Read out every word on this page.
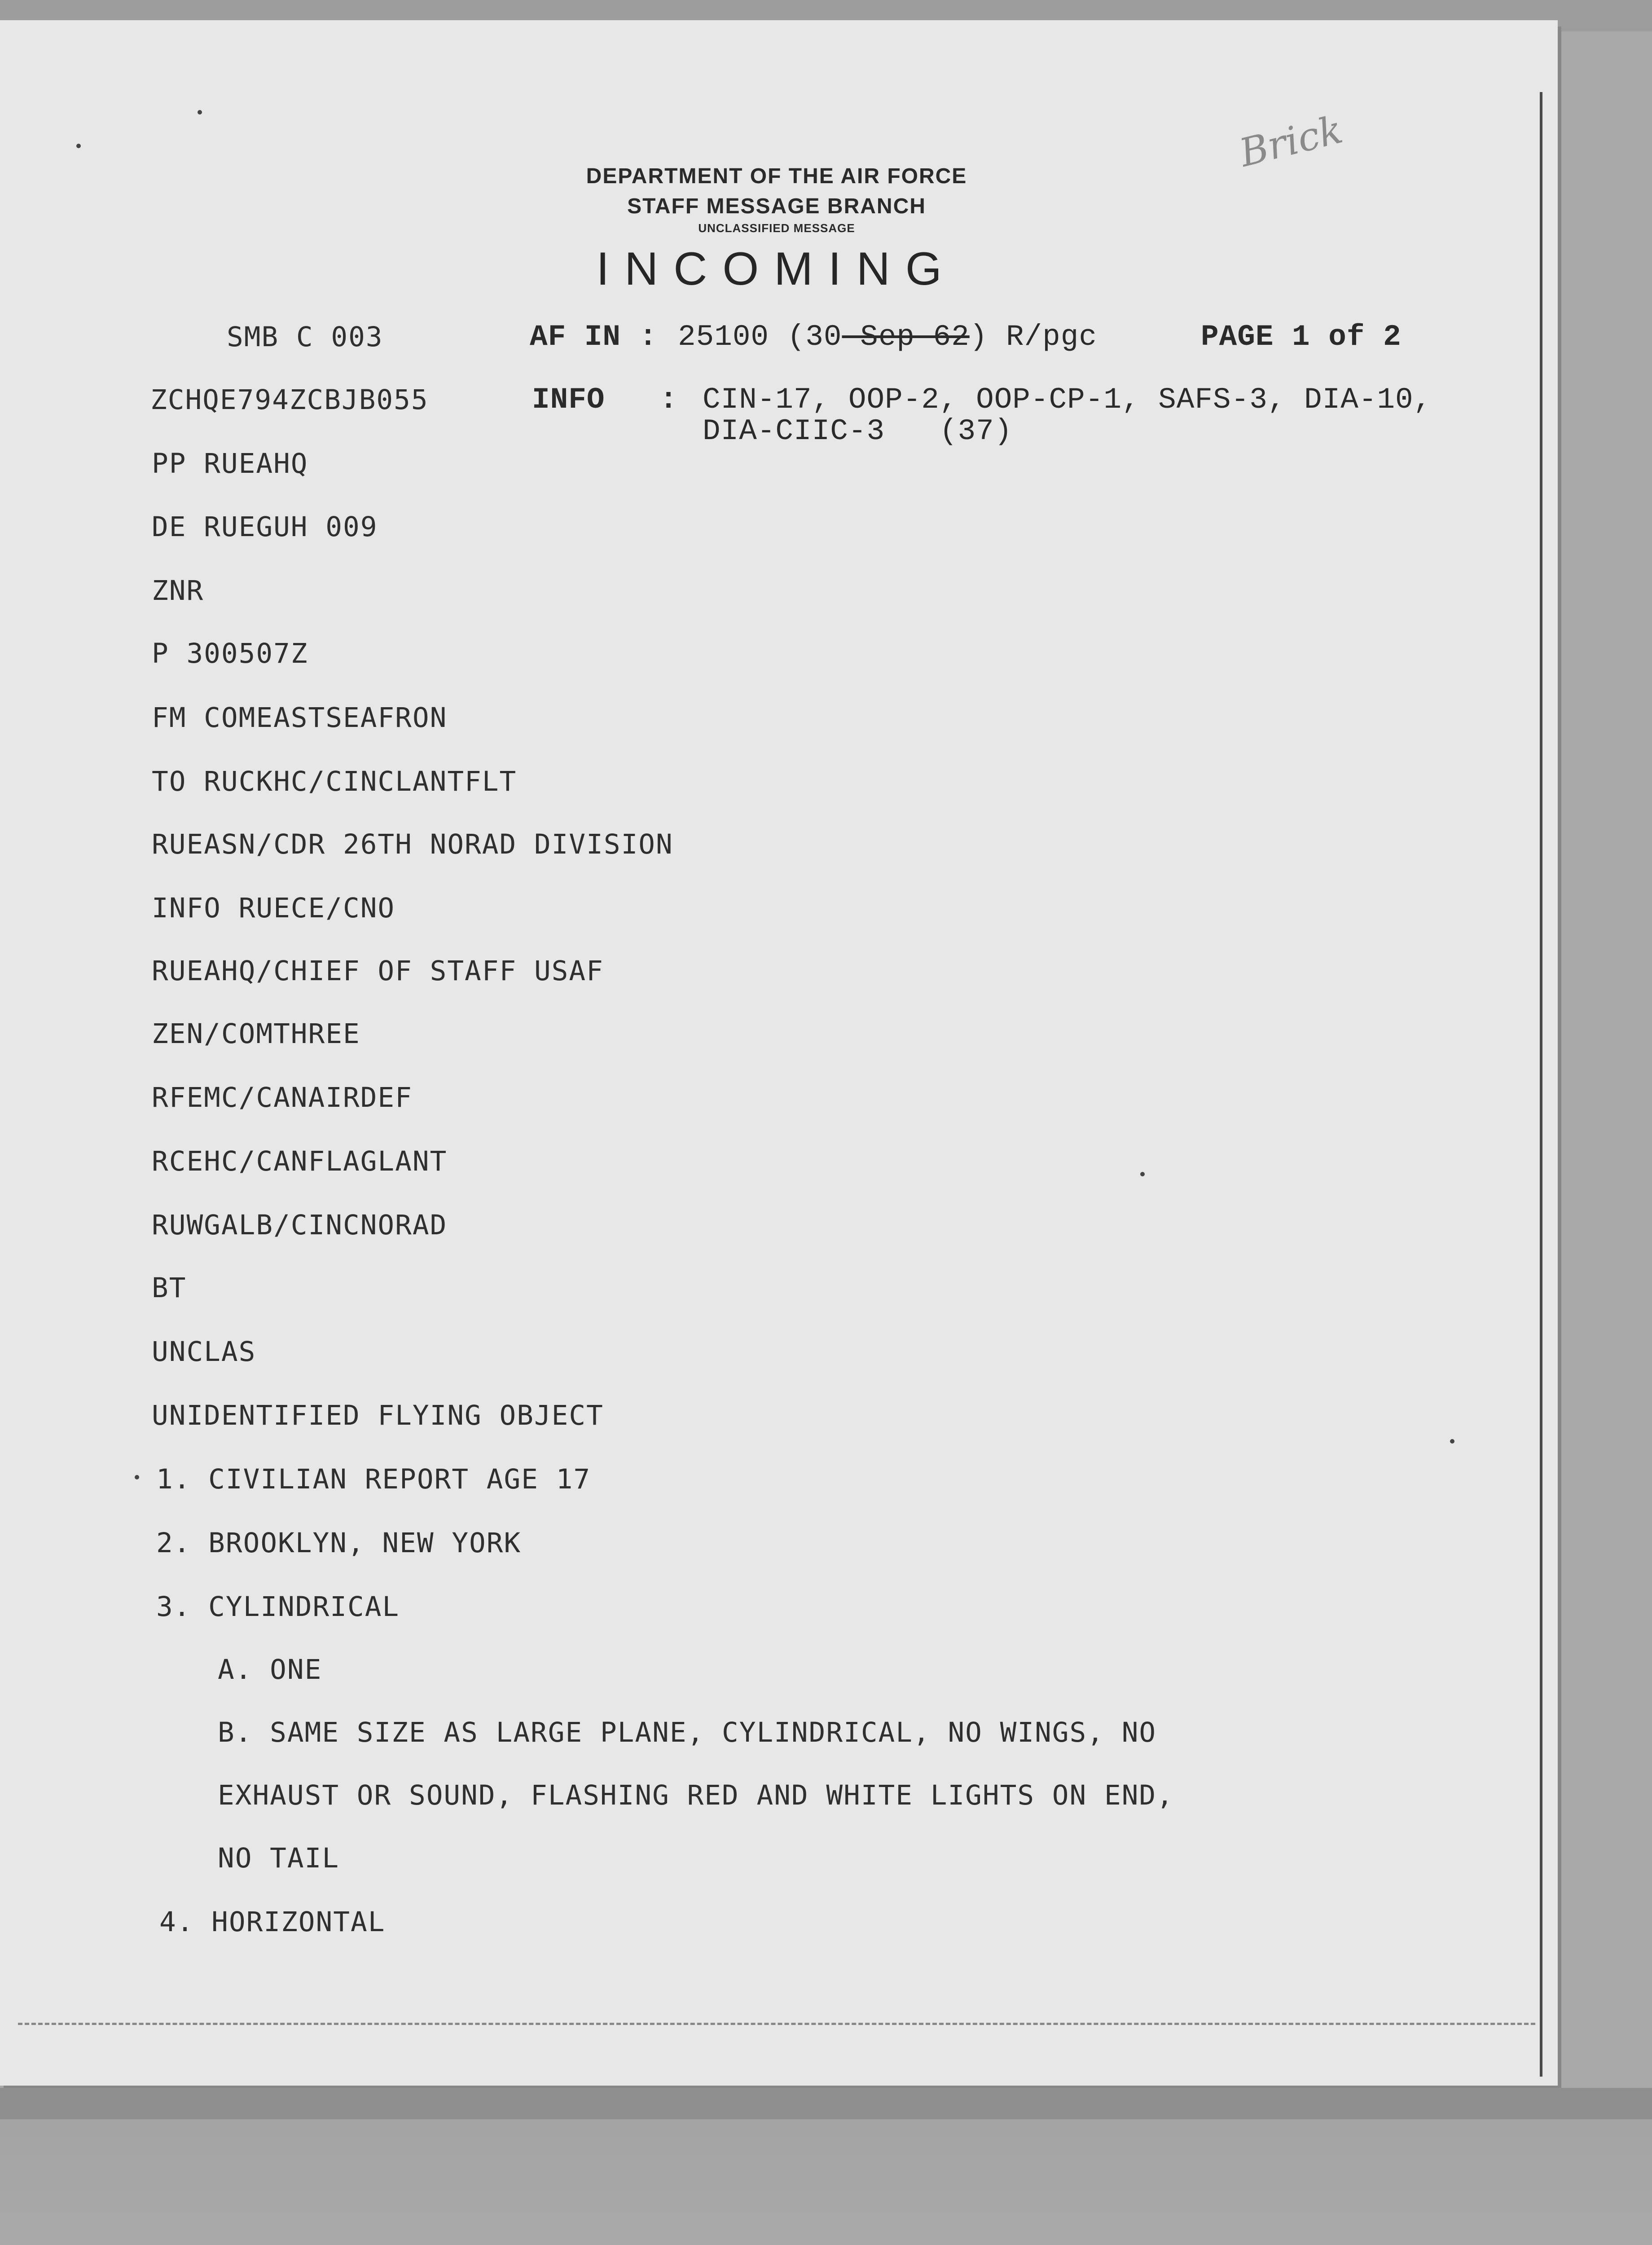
DEPARTMENT OF THE AIR FORCE
STAFF MESSAGE BRANCH
UNCLASSIFIED MESSAGE
INCOMING
Brick
SMB C 003	AF IN : 25100 (30 Sep 62) R/pgc	PAGE 1 of 2
ZCHQE794ZCBJB055	INFO   : CIN-17, OOP-2, OOP-CP-1, SAFS-3, DIA-10,
DIA-CIIC-3   (37)
PP RUEAHQ
DE RUEGUH 009
ZNR
P 300507Z
FM COMEASTSEAFRON
TO RUCKHC/CINCLANTFLT
RUEASN/CDR 26TH NORAD DIVISION
INFO RUECE/CNO
RUEAHQ/CHIEF OF STAFF USAF
ZEN/COMTHREE
RFEMC/CANAIRDEF
RCEHC/CANFLAGLANT
RUWGALB/CINCNORAD
BT
UNCLAS
UNIDENTIFIED FLYING OBJECT
1. CIVILIAN REPORT AGE 17
2. BROOKLYN, NEW YORK
3. CYLINDRICAL
A. ONE
B. SAME SIZE AS LARGE PLANE, CYLINDRICAL, NO WINGS, NO
EXHAUST OR SOUND, FLASHING RED AND WHITE LIGHTS ON END,
NO TAIL
4. HORIZONTAL
